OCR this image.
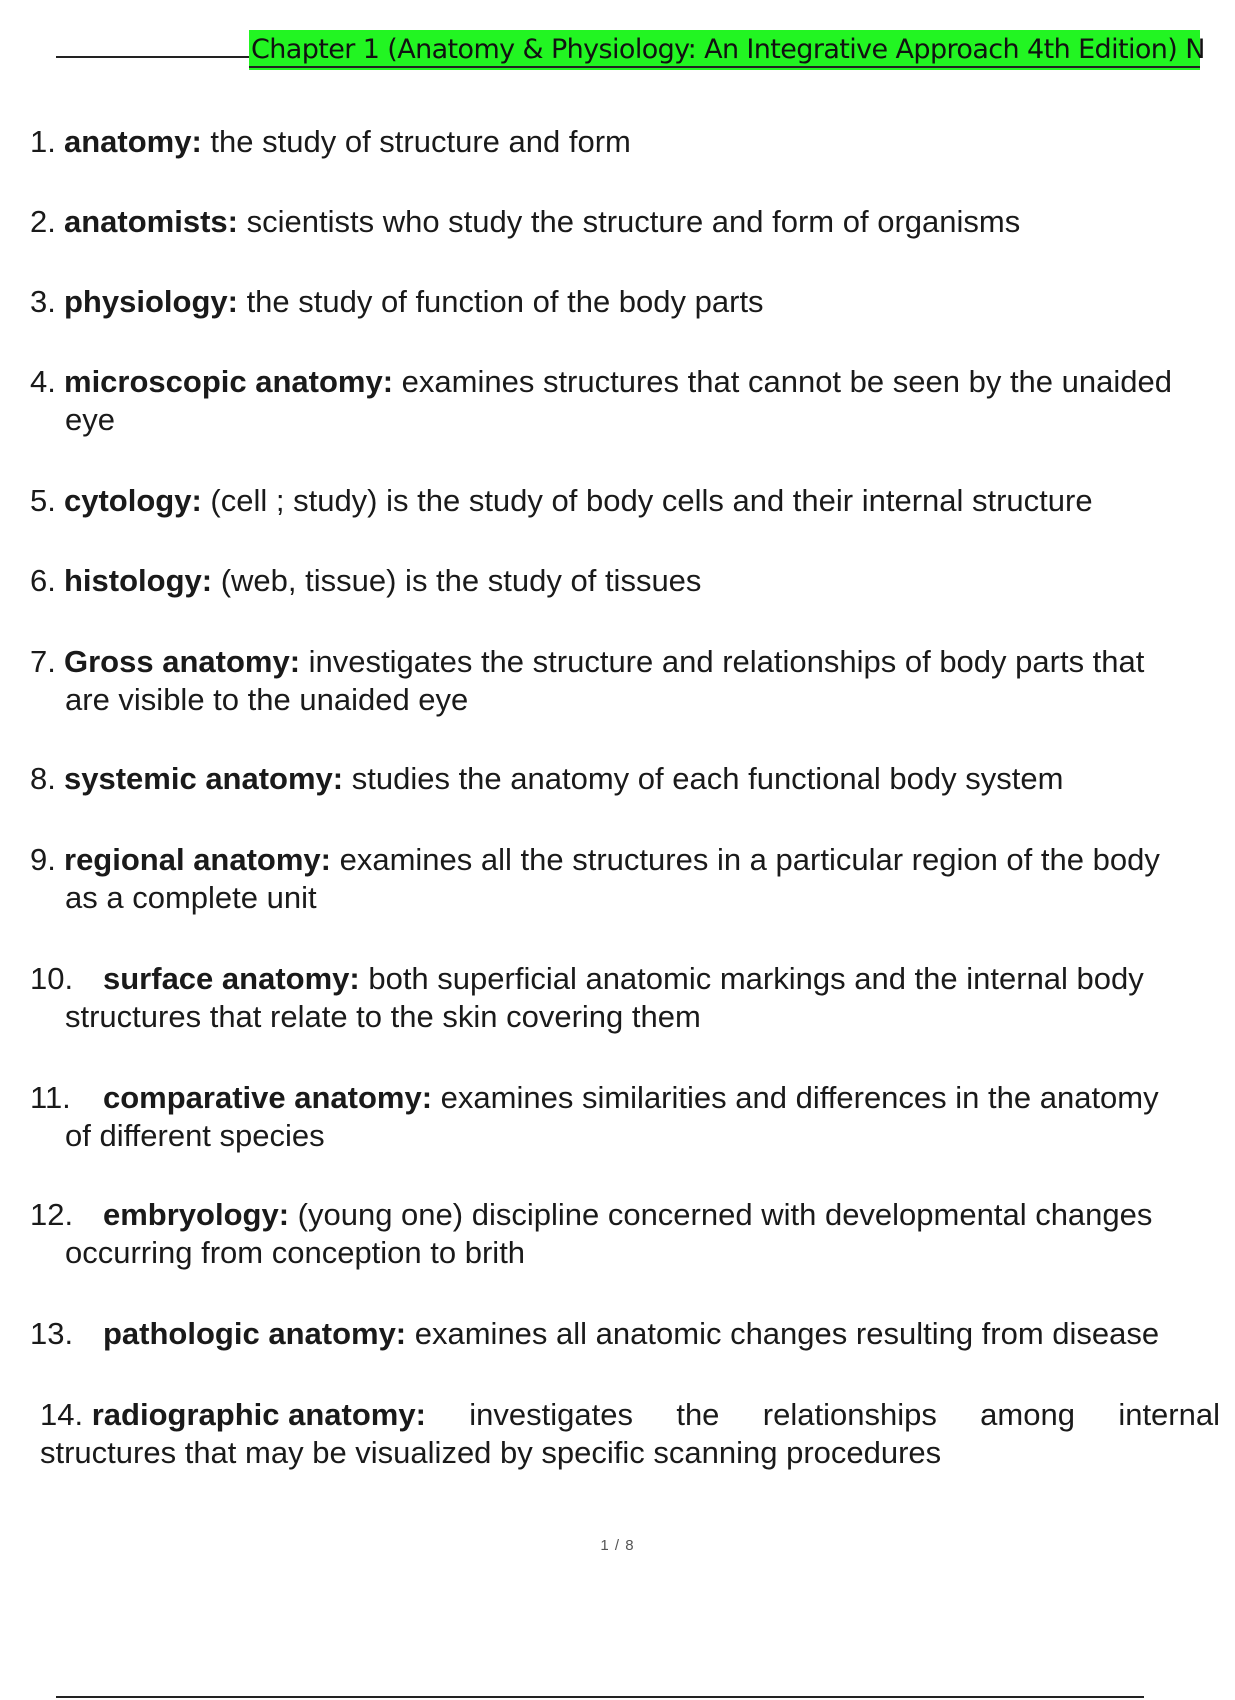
Chapter 1 (Anatomy & Physiology: An Integrative Approach 4th Edition) N
1. anatomy: the study of structure and form
2. anatomists: scientists who study the structure and form of organisms
3. physiology: the study of function of the body parts
4. microscopic anatomy: examines structures that cannot be seen by the unaided
eye
5. cytology: (cell ; study) is the study of body cells and their internal structure
6. histology: (web, tissue) is the study of tissues
7. Gross anatomy: investigates the structure and relationships of body parts that
are visible to the unaided eye
8. systemic anatomy: studies the anatomy of each functional body system
9. regional anatomy: examines all the structures in a particular region of the body
as a complete unit
10. surface anatomy: both superficial anatomic markings and the internal body
structures that relate to the skin covering them
11. comparative anatomy: examines similarities and differences in the anatomy
of different species
12. embryology: (young one) discipline concerned with developmental changes
occurring from conception to brith
13. pathologic anatomy: examines all anatomic changes resulting from disease
14. radiographic anatomy: investigates the relationships among internal
structures that may be visualized by specific scanning procedures
1 / 8
